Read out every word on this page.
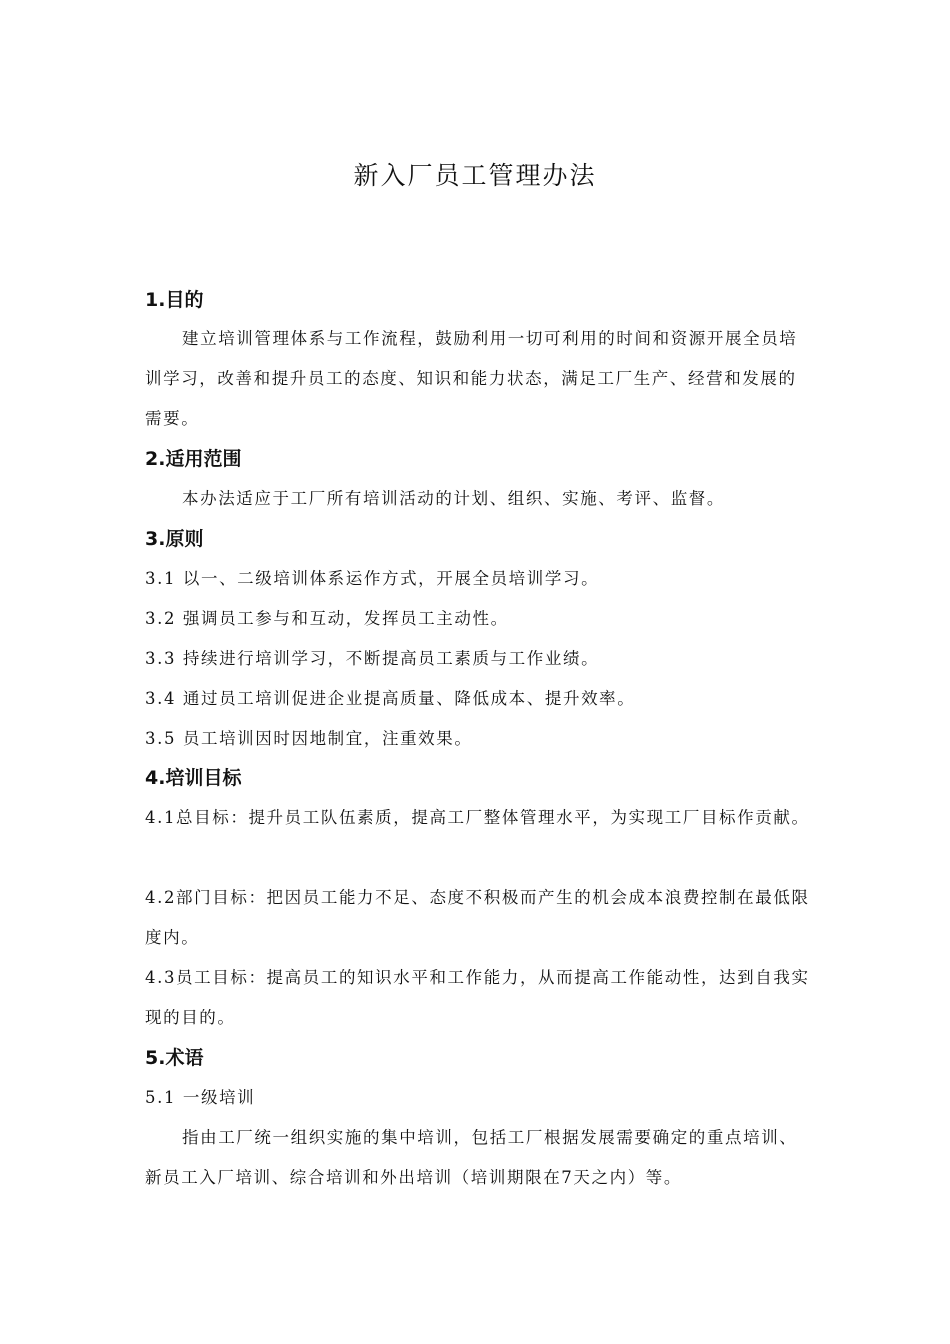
新入厂员工管理办法
1.目的
建立培训管理体系与工作流程，鼓励利用一切可利用的时间和资源开展全员培训学习，改善和提升员工的态度、知识和能力状态，满足工厂生产、经营和发展的需要。
2.适用范围
本办法适应于工厂所有培训活动的计划、组织、实施、考评、监督。
3.原则
3.1 以一、二级培训体系运作方式，开展全员培训学习。
3.2 强调员工参与和互动，发挥员工主动性。
3.3 持续进行培训学习，不断提高员工素质与工作业绩。
3.4 通过员工培训促进企业提高质量、降低成本、提升效率。
3.5 员工培训因时因地制宜，注重效果。
4.培训目标
4.1总目标：提升员工队伍素质，提高工厂整体管理水平，为实现工厂目标作贡献。
4.2部门目标：把因员工能力不足、态度不积极而产生的机会成本浪费控制在最低限度内。
4.3员工目标：提高员工的知识水平和工作能力，从而提高工作能动性，达到自我实现的目的。
5.术语
5.1 一级培训
指由工厂统一组织实施的集中培训，包括工厂根据发展需要确定的重点培训、新员工入厂培训、综合培训和外出培训（培训期限在7天之内）等。
